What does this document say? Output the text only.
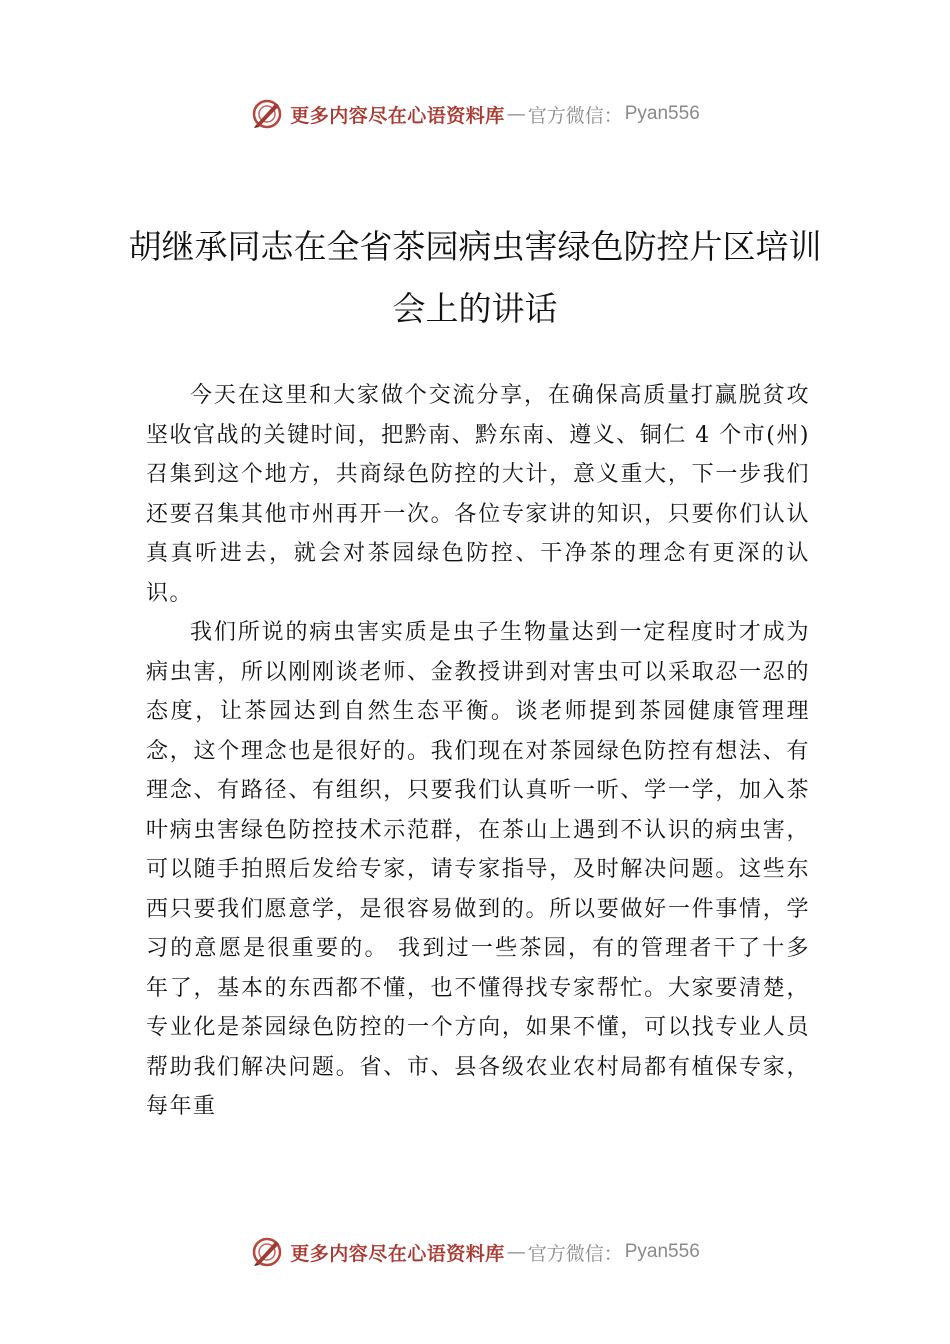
更多内容尽在心语资料库 — 官方微信： Pyan556
胡继承同志在全省茶园病虫害绿色防控片区培训会上的讲话

今天在这里和大家做个交流分享，在确保高质量打赢脱贫攻坚收官战的关键时间，把黔南、黔东南、遵义、铜仁 4 个市(州)召集到这个地方，共商绿色防控的大计，意义重大，下一步我们还要召集其他市州再开一次。各位专家讲的知识，只要你们认认真真听进去，就会对茶园绿色防控、干净茶的理念有更深的认识。

我们所说的病虫害实质是虫子生物量达到一定程度时才成为病虫害，所以刚刚谈老师、金教授讲到对害虫可以采取忍一忍的态度，让茶园达到自然生态平衡。谈老师提到茶园健康管理理念，这个理念也是很好的。我们现在对茶园绿色防控有想法、有理念、有路径、有组织，只要我们认真听一听、学一学，加入茶叶病虫害绿色防控技术示范群，在茶山上遇到不认识的病虫害，可以随手拍照后发给专家，请专家指导，及时解决问题。这些东西只要我们愿意学，是很容易做到的。所以要做好一件事情，学习的意愿是很重要的。 我到过一些茶园，有的管理者干了十多年了，基本的东西都不懂，也不懂得找专家帮忙。大家要清楚，专业化是茶园绿色防控的一个方向，如果不懂，可以找专业人员帮助我们解决问题。省、市、县各级农业农村局都有植保专家，每年重

更多内容尽在心语资料库 — 官方微信： Pyan556
